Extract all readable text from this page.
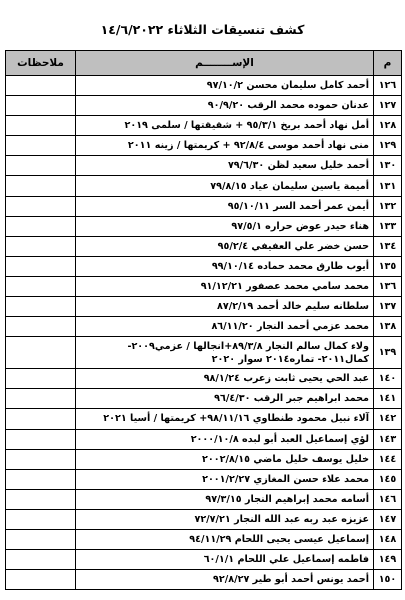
كشف تنسيقات الثلاثاء ١٤/٦/٢٠٢٢
م	الإســــــــم	ملاحظات
١٢٦	أحمد كامل سليمان محسن ٩٧/١٠/٢	
١٢٧	عدنان حموده محمد الرقب ٩٠/٩/٢٠	
١٢٨	أمل نهاد أحمد بريخ ٩٥/٣/١ + شقيقتها / سلمى ٢٠١٩	
١٢٩	منى نهاد أحمد موسى ٩٢/٨/٤ + كريمتها / زينه ٢٠١١	
١٣٠	أحمد خليل سعيد لظن ٧٩/٦/٣٠	
١٣١	أميمة ياسين سليمان عياد ٧٩/٨/١٥	
١٣٢	أيمن عمر أحمد السر ٩٥/١٠/١١	
١٣٣	هناء حيدر عوض حراره ٩٧/٥/١	
١٣٤	حسن خضر علي العفيفي ٩٥/٢/٤	
١٣٥	أيوب طارق محمد حماده ٩٩/١٠/١٤	
١٣٦	محمد سامي محمد عصفور ٩١/١٢/٢١	
١٣٧	سلطانه سليم خالد أحمد ٨٧/٢/١٩	
١٣٨	محمد عزمي أحمد النجار ٨٦/١١/٢٠	
١٣٩	ولاء كمال سالم النجار ٨٩/٣/٨+انجالها / عزمي٢٠٠٩- كمال٢٠١١- تماره٢٠١٤ سوار ٢٠٢٠	
١٤٠	عبد الحي يحيى ثابت زعرب ٩٨/١/٢٤	
١٤١	محمد ابراهيم جبر الرقب ٩٦/٤/٣٠	
١٤٢	آلاء نبيل محمود طنطاوي ٩٨/١١/١٦+ كريمتها / أسيا ٢٠٢١	
١٤٣	لؤي إسماعيل العبد أبو لبده ٢٠٠٠/١٠/٨	
١٤٤	خليل يوسف خليل ماضي ٢٠٠٢/٨/١٥	
١٤٥	محمد علاء حسن المغازي ٢٠٠١/٢/٢٧	
١٤٦	أسامه محمد إبراهيم النجار ٩٧/٣/١٥	
١٤٧	عزيزه عبد ربه عبد الله النجار ٧٢/٧/٢١	
١٤٨	إسماعيل عيسى يحيى اللحام ٩٤/١١/٢٩	
١٤٩	فاطمه إسماعيل علي اللحام ٦٠/١/١	
١٥٠	أحمد يونس أحمد أبو طير ٩٢/٨/٢٧	
